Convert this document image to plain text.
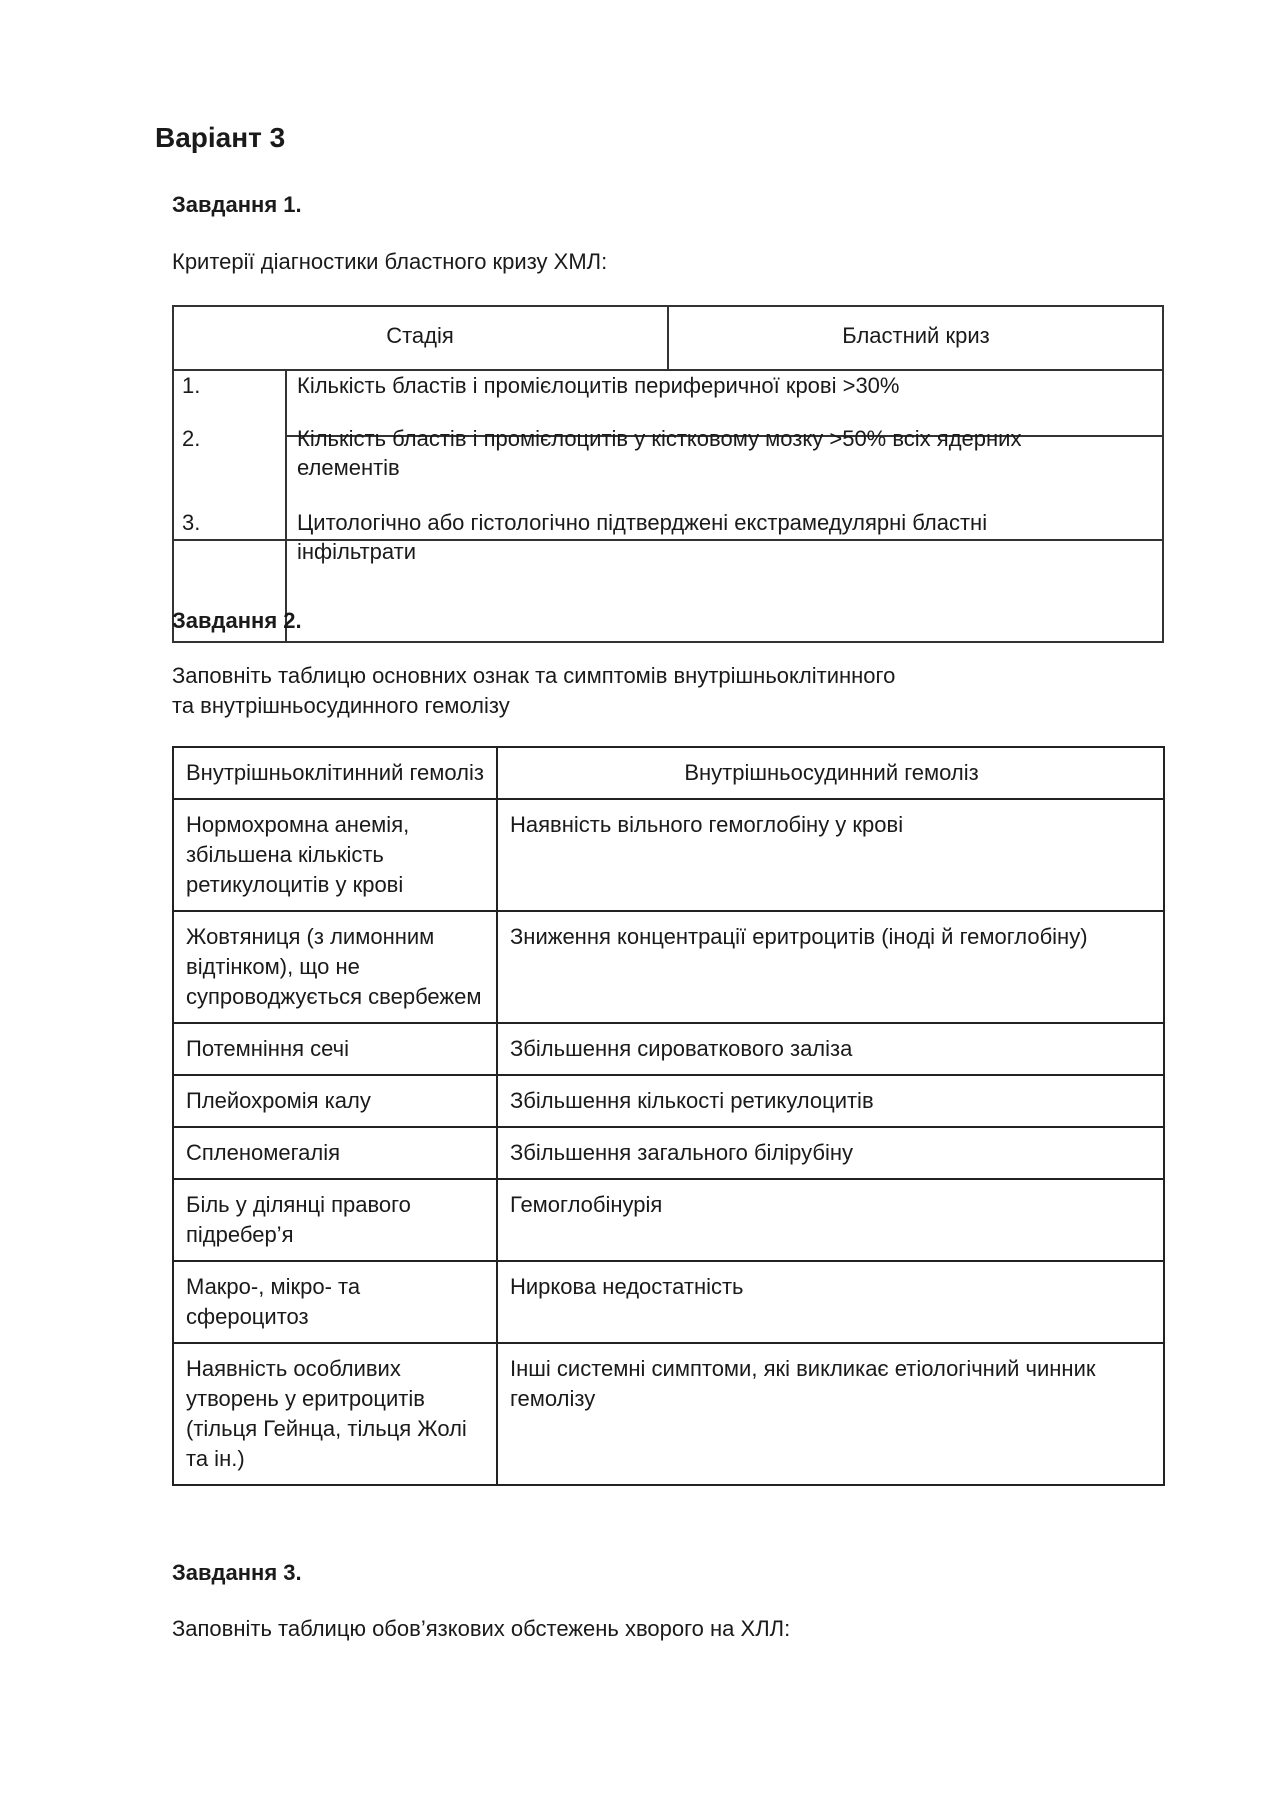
Варіант 3
Завдання 1.
Критерії діагностики бластного кризу ХМЛ:
Стадія	Бластний криз
1.	Кількість бластів і промієлоцитів периферичної крові >30%
2.	Кількість бластів і промієлоцитів у кістковому мозку >50% всіх ядерних
елементів
3.	Цитологічно або гістологічно підтверджені екстрамедулярні бластні
інфільтрати
Завдання 2.
Заповніть таблицю основних ознак та симптомів внутрішньоклітинного
та внутрішньосудинного гемолізу
Внутрішньоклітинний гемоліз	Внутрішньосудинний гемоліз
Нормохромна анемія, збільшена кількість ретикулоцитів у крові	Наявність вільного гемоглобіну у крові
Жовтяниця (з лимонним відтінком), що не супроводжується свербежем	Зниження концентрації еритроцитів (іноді й гемоглобіну)
Потемніння сечі	Збільшення сироваткового заліза
Плейохромія калу	Збільшення кількості ретикулоцитів
Спленомегалія	Збільшення загального білірубіну
Біль у ділянці правого підребер’я	Гемоглобінурія
Макро-, мікро- та сфероцитоз	Ниркова недостатність
Наявність особливих утворень у еритроцитів (тільця Гейнца, тільця Жолі та ін.)	Інші системні симптоми, які викликає етіологічний чинник гемолізу
Завдання 3.
Заповніть таблицю обов’язкових обстежень хворого на ХЛЛ:
